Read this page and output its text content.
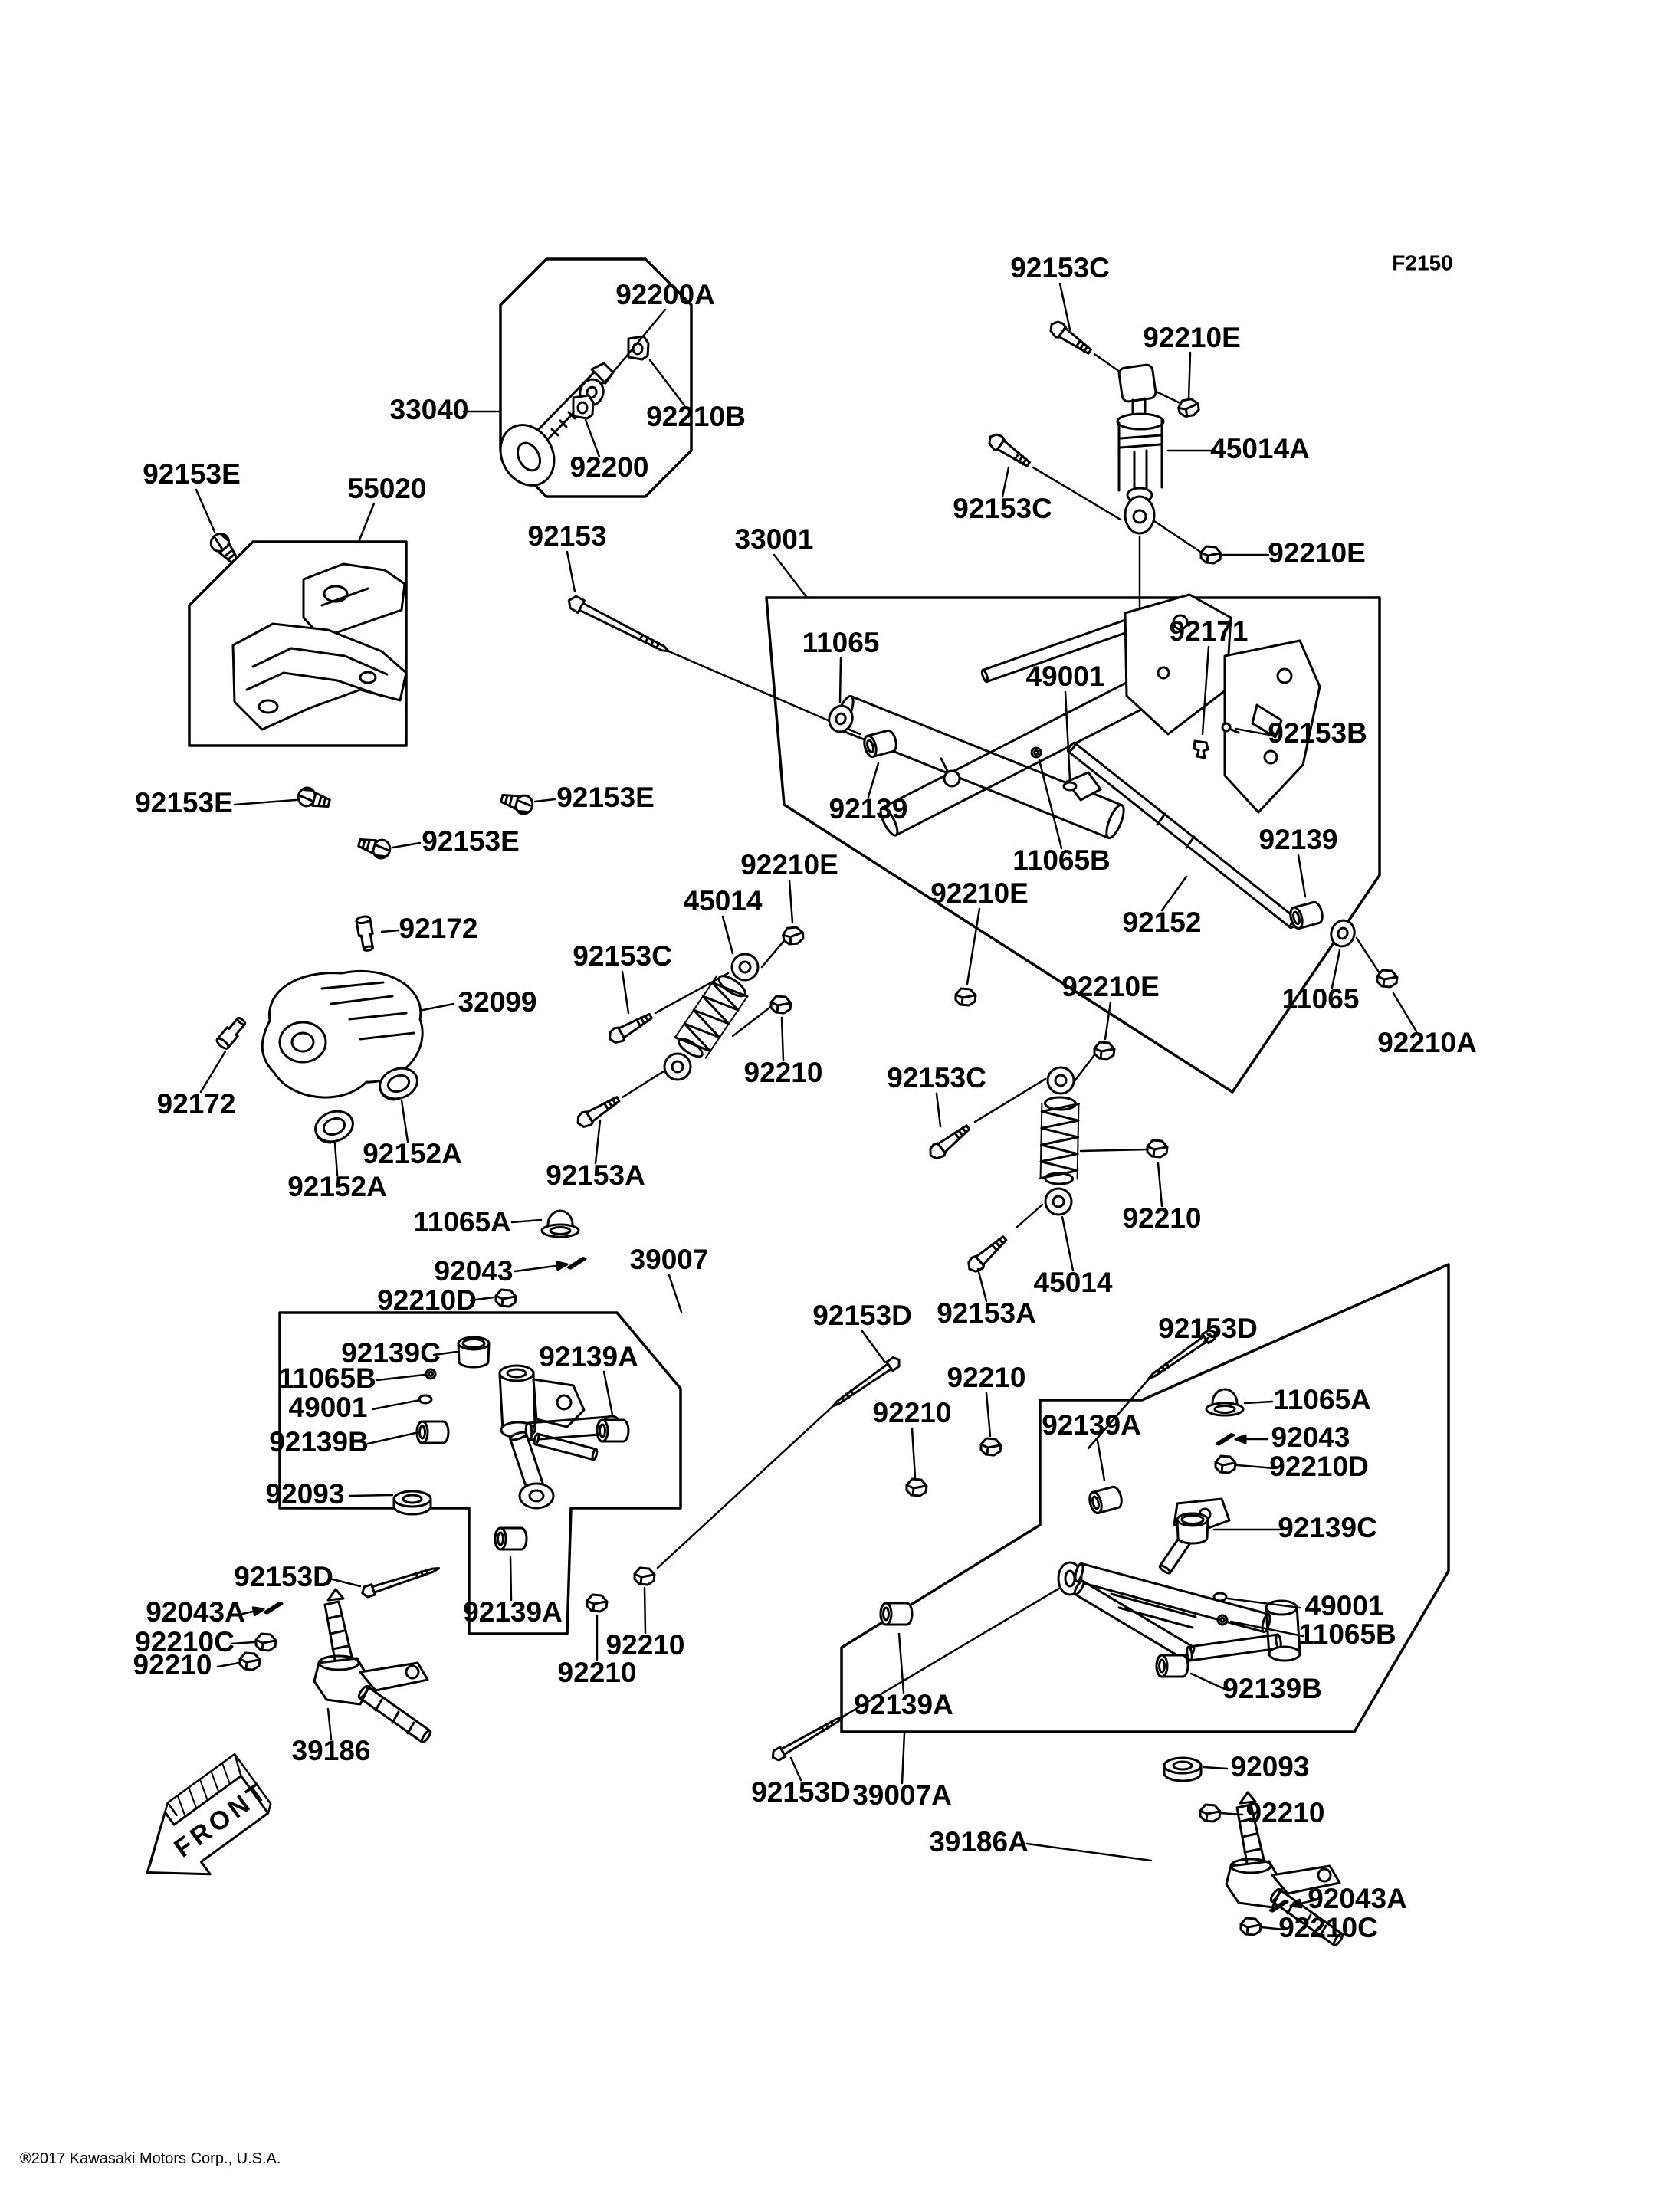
FRONT
F2150
92200A
92210B
92200
33040
92153C
92210E
45014A
92153C
92210E
92153E	55020
92153	33001
11065
49001
92171
92153B
92139
11065B
92139
92152
11065
92210A
92210E
92153E
92153E
92153E
92210E
45014
92153C
92210
92153A
92172
32099
92172
92152A
92152A
11065A
92043
92210D
39007
92153D 92153A
92210E
92153C
45014
92210
92153D
92139C
11065B
49001
92139B
92139A
92093
92153D
92043A
92210C
92210
39186
92139A
92210
92210
92210
92210	92139A
11065A
92043
92210D
92139C
49001
11065B
92139B
92139A
92153D 39007A
92093
92210
39186A
92043A
92210C
®2017 Kawasaki Motors Corp., U.S.A.
